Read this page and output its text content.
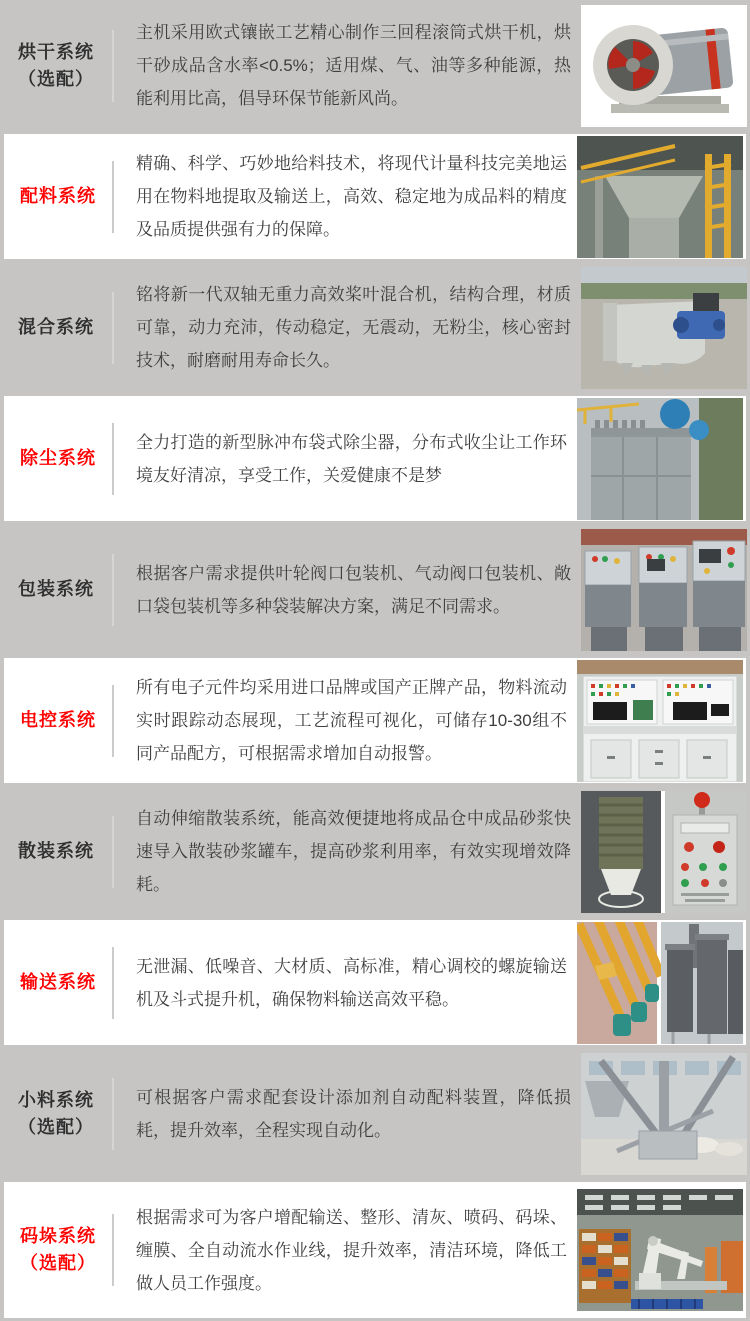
烘干系统
（选配）
主机采用欧式镶嵌工艺精心制作三回程滚筒式烘干机，烘干砂成品含水率<0.5%；适用煤、气、油等多种能源，热能利用比高，倡导环保节能新风尚。
配料系统
精确、科学、巧妙地给料技术，将现代计量科技完美地运用在物料地提取及输送上，高效、稳定地为成品料的精度及品质提供强有力的保障。
混合系统
铭将新一代双轴无重力高效桨叶混合机，结构合理，材质可靠，动力充沛，传动稳定，无震动，无粉尘，核心密封技术，耐磨耐用寿命长久。
除尘系统
全力打造的新型脉冲布袋式除尘器，分布式收尘让工作环境友好清凉，享受工作，关爱健康不是梦
包装系统
根据客户需求提供叶轮阀口包装机、气动阀口包装机、敞口袋包装机等多种袋装解决方案，满足不同需求。
电控系统
所有电子元件均采用进口品牌或国产正牌产品，物料流动实时跟踪动态展现，工艺流程可视化，可储存10-30组不同产品配方，可根据需求增加自动报警。
散装系统
自动伸缩散装系统，能高效便捷地将成品仓中成品砂浆快速导入散装砂浆罐车，提高砂浆利用率，有效实现增效降耗。
输送系统
无泄漏、低噪音、大材质、高标准，精心调校的螺旋输送机及斗式提升机，确保物料输送高效平稳。
小料系统
（选配）
可根据客户需求配套设计添加剂自动配料装置，降低损耗，提升效率，全程实现自动化。
码垛系统
（选配）
根据需求可为客户增配输送、整形、清灰、喷码、码垛、缠膜、全自动流水作业线，提升效率，清洁环境，降低工做人员工作强度。
